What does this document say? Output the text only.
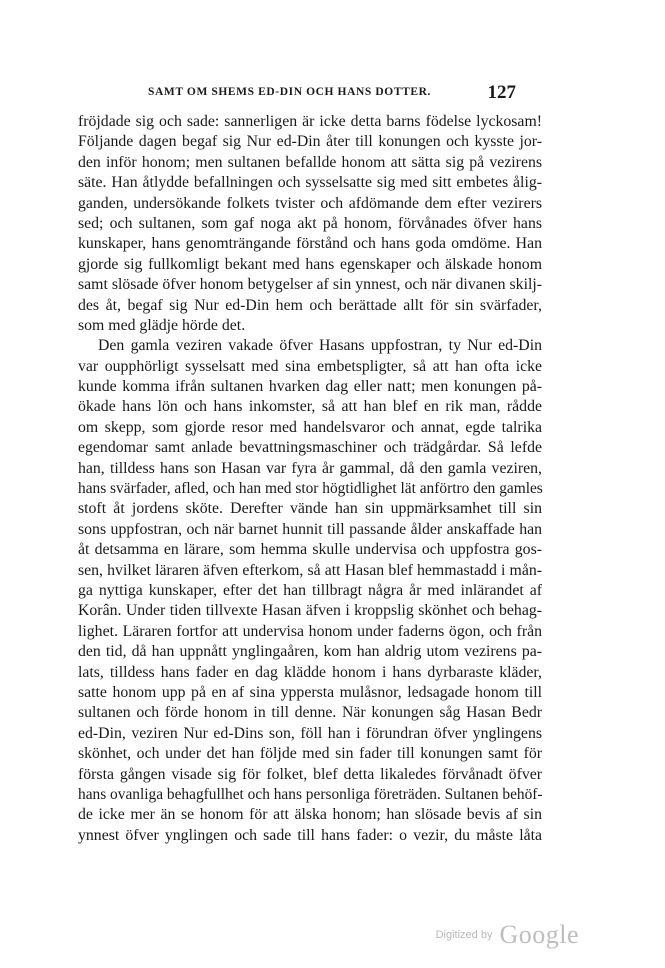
SAMT OM SHEMS ED-DIN OCH HANS DOTTER.	127
fröjdade sig och sade: sannerligen är icke detta barns födelse lyckosam!
Följande dagen begaf sig Nur ed-Din åter till konungen och kysste jor-
den inför honom; men sultanen befallde honom att sätta sig på vezirens
säte. Han åtlydde befallningen och sysselsatte sig med sitt embetes ålig-
ganden, undersökande folkets tvister och afdömande dem efter vezirers
sed; och sultanen, som gaf noga akt på honom, förvånades öfver hans
kunskaper, hans genomträngande förstånd och hans goda omdöme. Han
gjorde sig fullkomligt bekant med hans egenskaper och älskade honom
samt slösade öfver honom betygelser af sin ynnest, och när divanen skilj-
des åt, begaf sig Nur ed-Din hem och berättade allt för sin svärfader,
som med glädje hörde det.
Den gamla veziren vakade öfver Hasans uppfostran, ty Nur ed-Din
var oupphörligt sysselsatt med sina embetspligter, så att han ofta icke
kunde komma ifrån sultanen hvarken dag eller natt; men konungen på-
ökade hans lön och hans inkomster, så att han blef en rik man, rådde
om skepp, som gjorde resor med handelsvaror och annat, egde talrika
egendomar samt anlade bevattningsmaschiner och trädgårdar. Så lefde
han, tilldess hans son Hasan var fyra år gammal, då den gamla veziren,
hans svärfader, afled, och han med stor högtidlighet lät anförtro den gamles
stoft åt jordens sköte. Derefter vände han sin uppmärksamhet till sin
sons uppfostran, och när barnet hunnit till passande ålder anskaffade han
åt detsamma en lärare, som hemma skulle undervisa och uppfostra gos-
sen, hvilket läraren äfven efterkom, så att Hasan blef hemmastadd i mån-
ga nyttiga kunskaper, efter det han tillbragt några år med inlärandet af
Korân. Under tiden tillvexte Hasan äfven i kroppslig skönhet och behag-
lighet. Läraren fortfor att undervisa honom under faderns ögon, och från
den tid, då han uppnått ynglingaåren, kom han aldrig utom vezirens pa-
lats, tilldess hans fader en dag klädde honom i hans dyrbaraste kläder,
satte honom upp på en af sina yppersta mulåsnor, ledsagade honom till
sultanen och förde honom in till denne. När konungen såg Hasan Bedr
ed-Din, veziren Nur ed-Dins son, föll han i förundran öfver ynglingens
skönhet, och under det han följde med sin fader till konungen samt för
första gången visade sig för folket, blef detta likaledes förvånadt öfver
hans ovanliga behagfullhet och hans personliga företräden. Sultanen behöf-
de icke mer än se honom för att älska honom; han slösade bevis af sin
ynnest öfver ynglingen och sade till hans fader: o vezir, du måste låta
Digitized by Google
